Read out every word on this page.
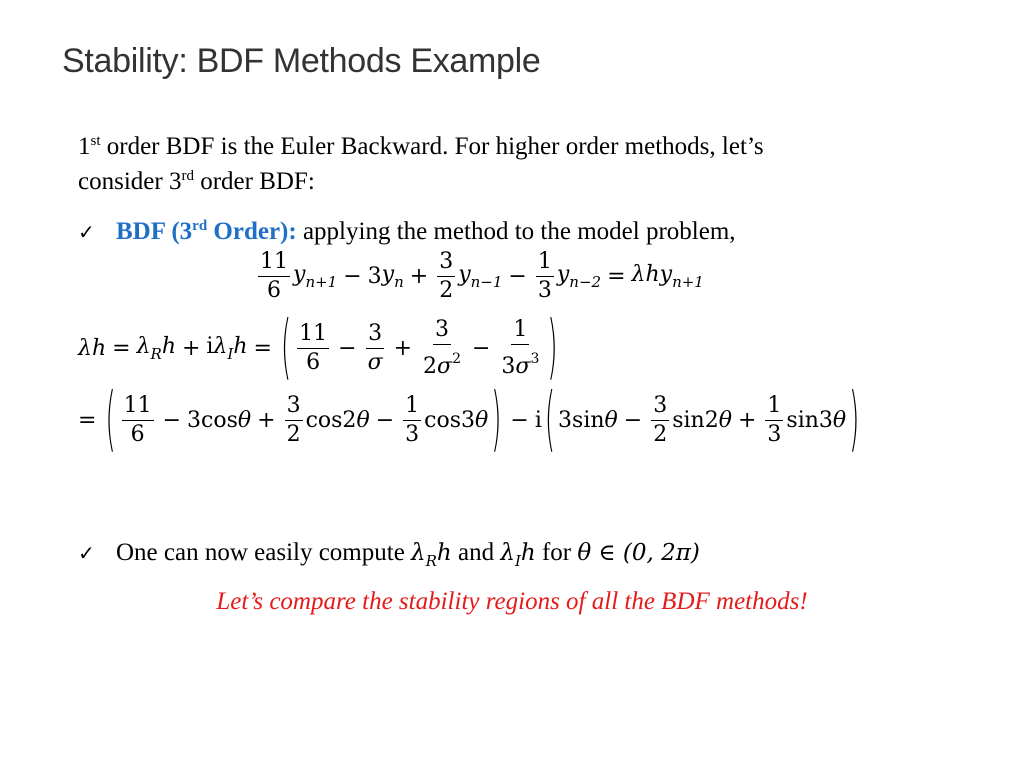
Stability: BDF Methods Example
1st order BDF is the Euler Backward. For higher order methods, let’s
consider 3rd order BDF:
✓ BDF (3rd Order): applying the method to the model problem,
$\frac{11}{6} y_{n+1} - 3$ $y_n + \frac{3}{2} y_{n-1} - \frac{1}{3} y_{n-2} = \lambda hy_{n+1}$
$\lambda h = \lambda_Rh + i\lambda_Ih$ = ( $\frac{11}{6} - \frac{3}{\sigma} + \frac{3}{2\sigma^2} - \frac{1}{3\sigma^3}$ )
= ( $\frac{11}{6} - 3\cos$ $\theta + \frac{3}{2} \cos 2$ $\theta - \frac{1}{3} \cos 3$ θ ) − i ( 3sin $\theta - \frac{3}{2} \sin 2$ $\theta + \frac{1}{3} \sin 3$ θ )
✓ One can now easily compute $\lambda_Rh$ and $\lambda_Ih$ for θ ∈ (0, 2π)
Let’s compare the stability regions of all the BDF methods!
